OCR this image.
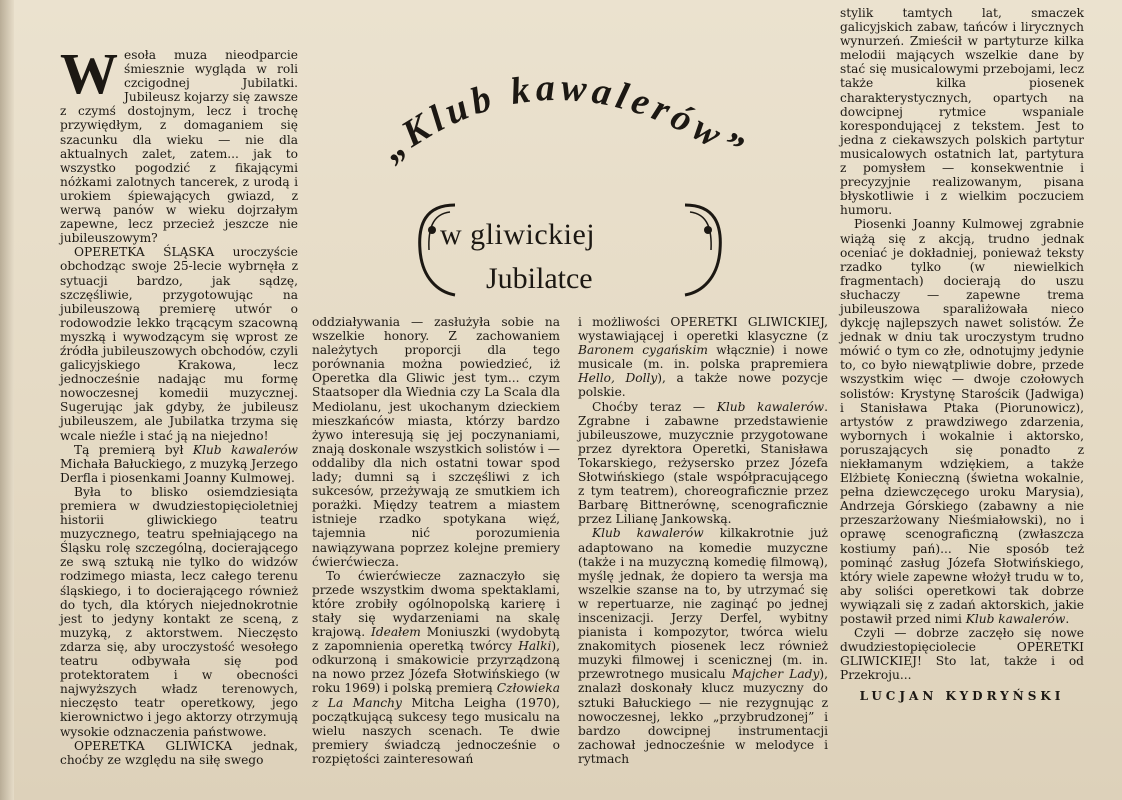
Wesoła muza nieodparcie śmiesznie wygląda w roli czcigodnej Jubilatki. Jubileusz kojarzy się zawsze z czymś dostojnym, lecz i trochę przywiędłym, z domaganiem się szacunku dla wieku — nie dla aktualnych zalet, zatem... jak to wszystko pogodzić z fikającymi nóżkami zalotnych tancerek, z urodą i urokiem śpiewających gwiazd, z werwą panów w wieku dojrzałym zapewne, lecz przecież jeszcze nie jubileuszowym?

OPERETKA ŚLĄSKA uroczyście obchodząc swoje 25-lecie wybrnęła z sytuacji bardzo, jak sądzę, szczęśliwie, przygotowując na jubileuszową premierę utwór o rodowodzie lekko trącącym szacowną myszką i wywodzącym się wprost ze źródła jubileuszowych obchodów, czyli galicyjskiego Krakowa, lecz jednocześnie nadając mu formę nowoczesnej komedii muzycznej. Sugerując jak gdyby, że jubileusz jubileuszem, ale Jubilatka trzyma się wcale nieźle i stać ją na niejedno!

Tą premierą był Klub kawalerów Michała Bałuckiego, z muzyką Jerzego Derfla i piosenkami Joanny Kulmowej.

Była to blisko osiemdziesiąta premiera w dwudziestopięcioletniej historii gliwickiego teatru muzycznego, teatru spełniającego na Śląsku rolę szczególną, docierającego ze swą sztuką nie tylko do widzów rodzimego miasta, lecz całego terenu śląskiego, i to docierającego również do tych, dla których niejednokrotnie jest to jedyny kontakt ze sceną, z muzyką, z aktorstwem. Nieczęsto zdarza się, aby uroczystość wesołego teatru odbywała się pod protektoratem i w obecności najwyższych władz terenowych, nieczęsto teatr operetkowy, jego kierownictwo i jego aktorzy otrzymują wysokie odznaczenia państwowe.

OPERETKA GLIWICKA jednak, choćby ze względu na siłę swego

„Klub kawalerów”
w gliwickiej
Jubilatce

oddziaływania — zasłużyła sobie na wszelkie honory. Z zachowaniem należytych proporcji dla tego porównania można powiedzieć, iż Operetka dla Gliwic jest tym... czym Staatsoper dla Wiednia czy La Scala dla Mediolanu, jest ukochanym dzieckiem mieszkańców miasta, którzy bardzo żywo interesują się jej poczynaniami, znają doskonale wszystkich solistów i — oddaliby dla nich ostatni towar spod lady; dumni są i szczęśliwi z ich sukcesów, przeżywają ze smutkiem ich porażki. Między teatrem a miastem istnieje rzadko spotykana więź, tajemnia nić porozumienia nawiązywana poprzez kolejne premiery ćwierćwiecza.

To ćwierćwiecze zaznaczyło się przede wszystkim dwoma spektaklami, które zrobiły ogólnopolską karierę i stały się wydarzeniami na skalę krajową. Ideałem Moniuszki (wydobytą z zapomnienia operetką twórcy Halki), odkurzoną i smakowicie przyrządzoną na nowo przez Józefa Słotwińskiego (w roku 1969) i polską premierą Człowieka z La Manchy Mitcha Leigha (1970), początkującą sukcesy tego musicalu na wielu naszych scenach. Te dwie premiery świadczą jednocześnie o rozpiętości zainteresowań

i możliwości OPERETKI GLIWICKIEJ, wystawiającej i operetki klasyczne (z Baronem cygańskim włącznie) i nowe musicale (m. in. polska prapremiera Hello, Dolly), a także nowe pozycje polskie.

Choćby teraz — Klub kawalerów. Zgrabne i zabawne przedstawienie jubileuszowe, muzycznie przygotowane przez dyrektora Operetki, Stanisława Tokarskiego, reżysersko przez Józefa Słotwińskiego (stale współpracującego z tym teatrem), choreograficznie przez Barbarę Bittnerównę, scenograficznie przez Lilianę Jankowską.

Klub kawalerów kilkakrotnie już adaptowano na komedie muzyczne (także i na muzyczną komedię filmową), myślę jednak, że dopiero ta wersja ma wszelkie szanse na to, by utrzymać się w repertuarze, nie zaginąć po jednej inscenizacji. Jerzy Derfel, wybitny pianista i kompozytor, twórca wielu znakomitych piosenek lecz również muzyki filmowej i scenicznej (m. in. przewrotnego musicalu Majcher Lady), znalazł doskonały klucz muzyczny do sztuki Bałuckiego — nie rezygnując z nowoczesnej, lekko „przybrudzonej” i bardzo dowcipnej instrumentacji zachował jednocześnie w melodyce i rytmach

stylik tamtych lat, smaczek galicyjskich zabaw, tańców i lirycznych wynurzeń. Zmieścił w partyturze kilka melodii mających wszelkie dane by stać się musicalowymi przebojami, lecz także kilka piosenek charakterystycznych, opartych na dowcipnej rytmice wspaniale korespondującej z tekstem. Jest to jedna z ciekawszych polskich partytur musicalowych ostatnich lat, partytura z pomysłem — konsekwentnie i precyzyjnie realizowanym, pisana błyskotliwie i z wielkim poczuciem humoru.

Piosenki Joanny Kulmowej zgrabnie wiążą się z akcją, trudno jednak oceniać je dokładniej, ponieważ teksty rzadko tylko (w niewielkich fragmentach) docierają do uszu słuchaczy — zapewne trema jubileuszowa sparaliżowała nieco dykcję najlepszych nawet solistów. Że jednak w dniu tak uroczystym trudno mówić o tym co złe, odnotujmy jedynie to, co było niewątpliwie dobre, przede wszystkim więc — dwoje czołowych solistów: Krystynę Starościk (Jadwiga) i Stanisława Ptaka (Piorunowicz), artystów z prawdziwego zdarzenia, wybornych i wokalnie i aktorsko, poruszających się ponadto z niekłamanym wdziękiem, a także Elżbietę Konieczną (świetna wokalnie, pełna dziewczęcego uroku Marysia), Andrzeja Górskiego (zabawny a nie przeszarżowany Nieśmiałowski), no i oprawę scenograficzną (zwłaszcza kostiumy pań)... Nie sposób też pominąć zasług Józefa Słotwińskiego, który wiele zapewne włożył trudu w to, aby soliści operetkowi tak dobrze wywiązali się z zadań aktorskich, jakie postawił przed nimi Klub kawalerów.

Czyli — dobrze zaczęło się nowe dwudziestopięciolecie OPERETKI GLIWICKIEJ! Sto lat, także i od Przekroju...

LUCJAN KYDRYŃSKI
